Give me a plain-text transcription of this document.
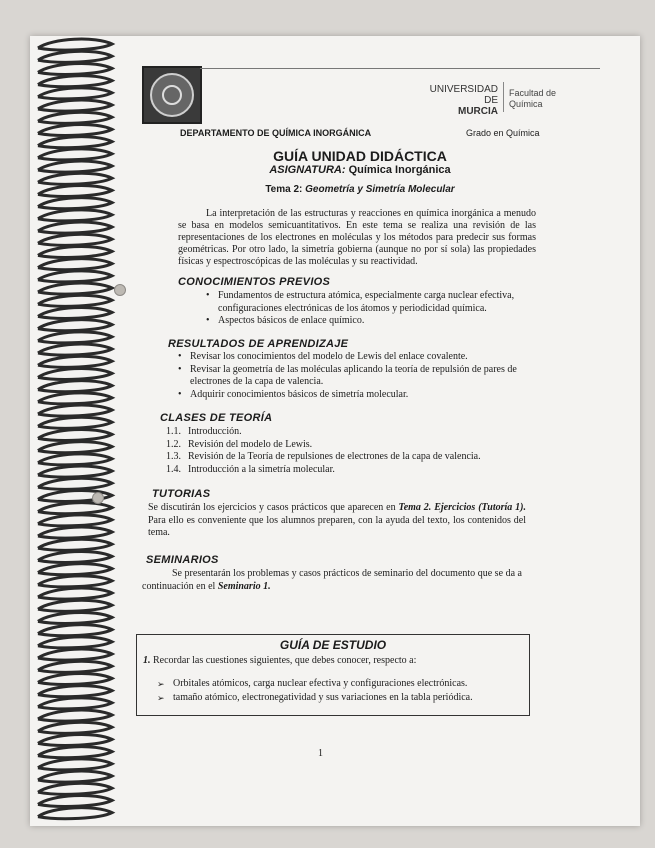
UNIVERSIDAD DE
MURCIA
Facultad de
Química
DEPARTAMENTO DE QUÍMICA INORGÁNICA	Grado en Química
GUÍA UNIDAD DIDÁCTICA
ASIGNATURA: Química Inorgánica
Tema 2: Geometría y Simetría Molecular
La interpretación de las estructuras y reacciones en química inorgánica a menudo se basa en modelos semicuantitativos. En este tema se realiza una revisión de las representaciones de los electrones en moléculas y los métodos para predecir sus formas geométricas. Por otro lado, la simetría gobierna (aunque no por sí sola) las propiedades físicas y espectroscópicas de las moléculas y su reactividad.
CONOCIMIENTOS PREVIOS
• Fundamentos de estructura atómica, especialmente carga nuclear efectiva, configuraciones electrónicas de los átomos y periodicidad química.
• Aspectos básicos de enlace químico.
RESULTADOS DE APRENDIZAJE
• Revisar los conocimientos del modelo de Lewis del enlace covalente.
• Revisar la geometría de las moléculas aplicando la teoría de repulsión de pares de electrones de la capa de valencia.
• Adquirir conocimientos básicos de simetría molecular.
CLASES DE TEORÍA
1.1. Introducción.
1.2. Revisión del modelo de Lewis.
1.3. Revisión de la Teoría de repulsiones de electrones de la capa de valencia.
1.4. Introducción a la simetría molecular.
TUTORIAS
Se discutirán los ejercicios y casos prácticos que aparecen en Tema 2. Ejercicios (Tutoría 1). Para ello es conveniente que los alumnos preparen, con la ayuda del texto, los contenidos del tema.
SEMINARIOS
Se presentarán los problemas y casos prácticos de seminario del documento que se da a continuación en el Seminario 1.
GUÍA DE ESTUDIO
1. Recordar las cuestiones siguientes, que debes conocer, respecto a:
➢ Orbitales atómicos, carga nuclear efectiva y configuraciones electrónicas.
➢ tamaño atómico, electronegatividad y sus variaciones en la tabla periódica.
1
